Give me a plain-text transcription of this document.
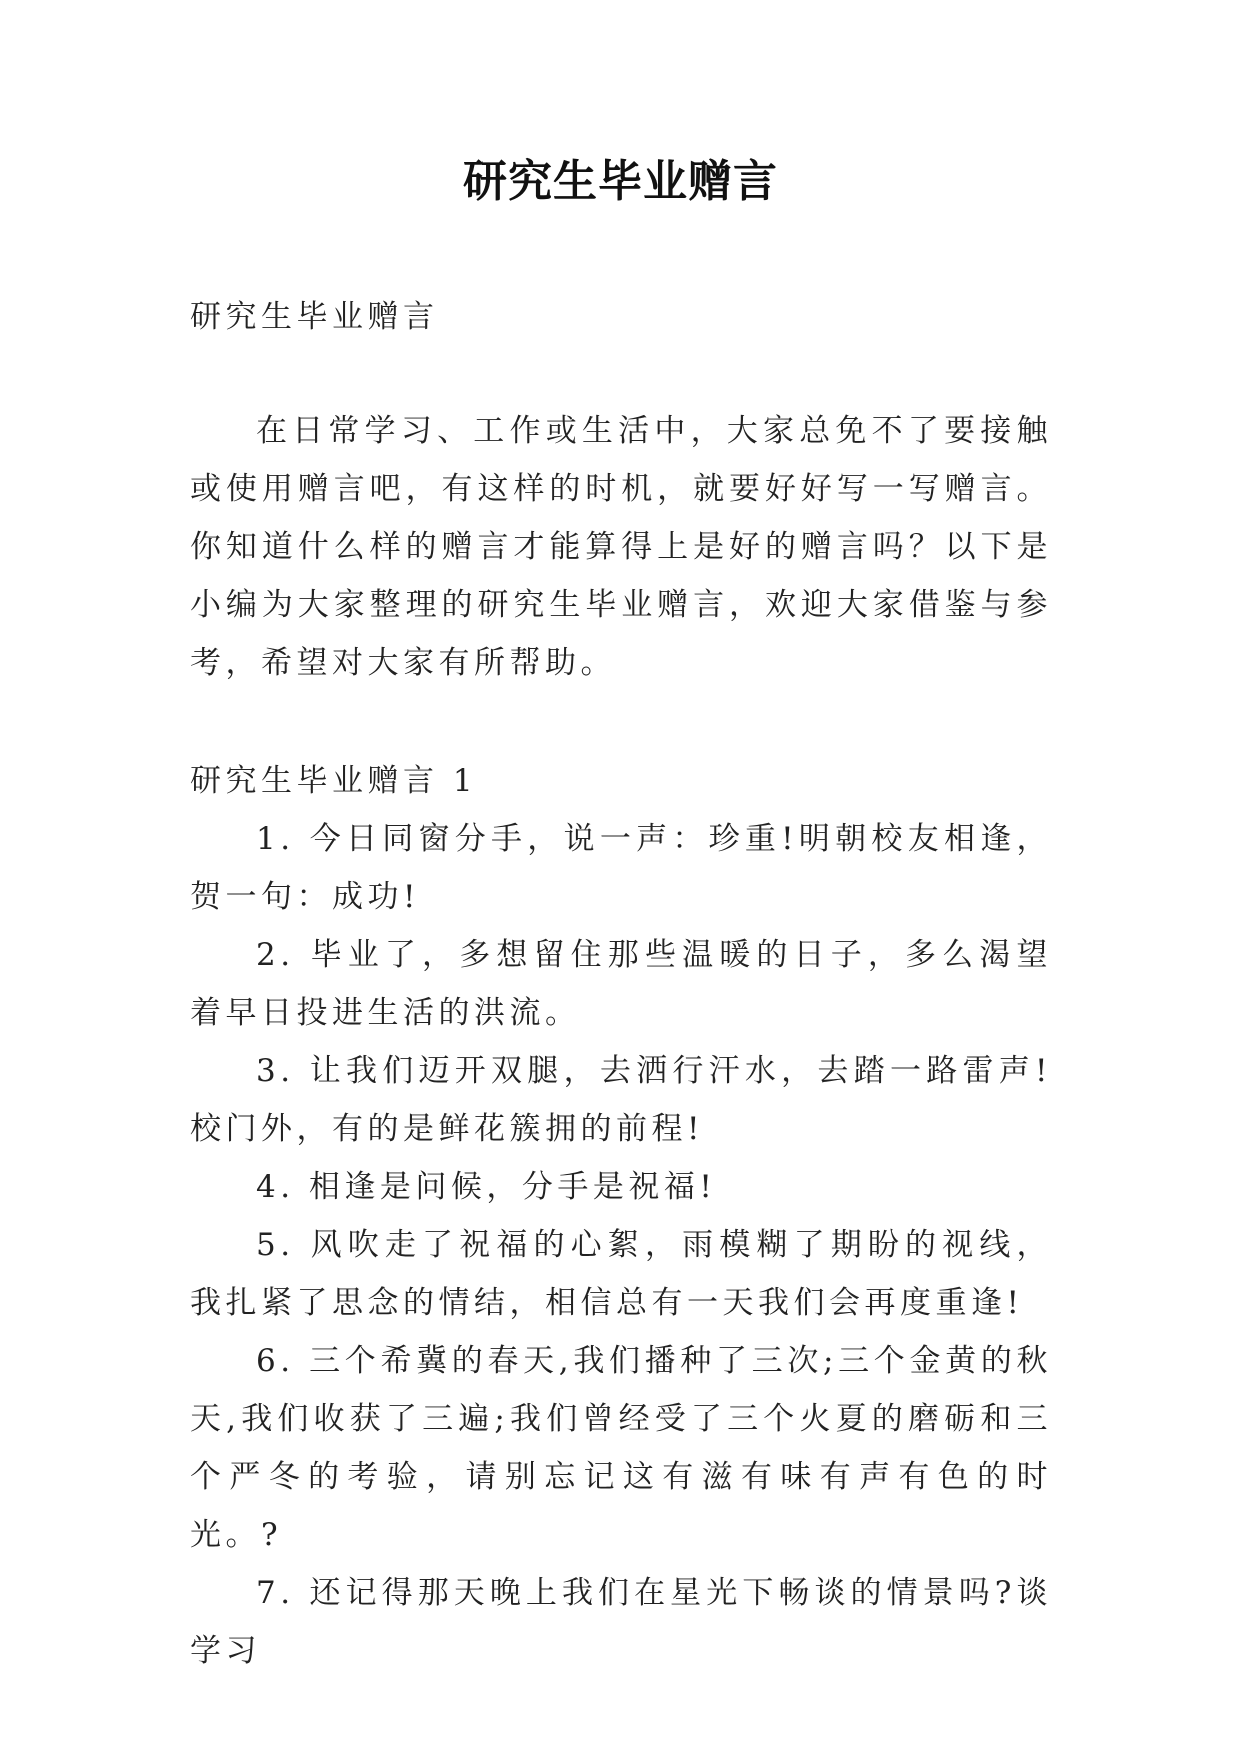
研究生毕业赠言
研究生毕业赠言
在日常学习、工作或生活中，大家总免不了要接触或使用赠言吧，有这样的时机，就要好好写一写赠言。你知道什么样的赠言才能算得上是好的赠言吗？以下是小编为大家整理的研究生毕业赠言，欢迎大家借鉴与参考，希望对大家有所帮助。
研究生毕业赠言 1
1. 今日同窗分手，说一声：珍重!明朝校友相逢，贺一句：成功!
2. 毕业了，多想留住那些温暖的日子，多么渴望着早日投进生活的洪流。
3. 让我们迈开双腿，去洒行汗水，去踏一路雷声!校门外，有的是鲜花簇拥的前程!
4. 相逢是问候，分手是祝福!
5. 风吹走了祝福的心絮，雨模糊了期盼的视线，我扎紧了思念的情结，相信总有一天我们会再度重逢!
6. 三个希冀的春天,我们播种了三次;三个金黄的秋天,我们收获了三遍;我们曾经受了三个火夏的磨砺和三个严冬的考验，请别忘记这有滋有味有声有色的时光。?
7. 还记得那天晚上我们在星光下畅谈的情景吗?谈学习
